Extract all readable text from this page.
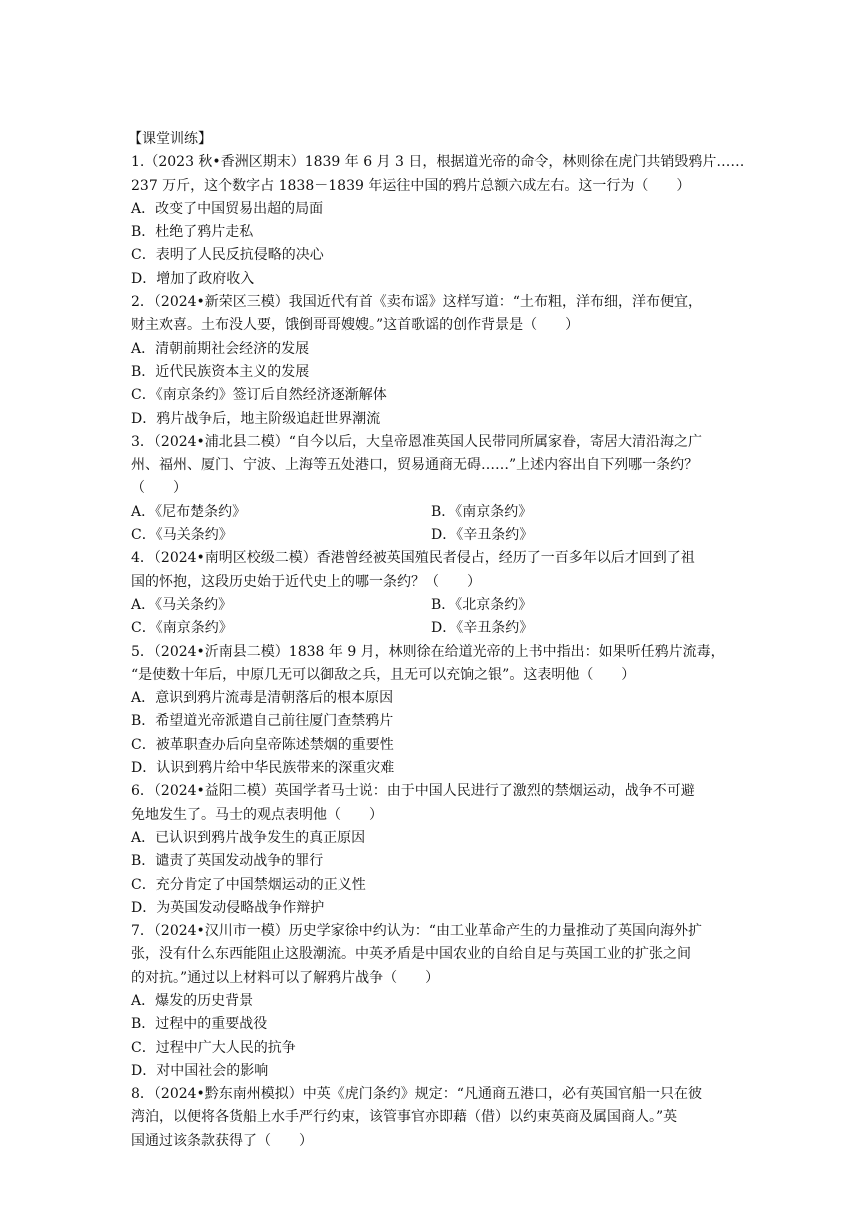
【课堂训练】
1.（2023 秋•香洲区期末）1839 年 6 月 3 日，根据道光帝的命令，林则徐在虎门共销毁鸦片……
237 万斤，这个数字占 1838－1839 年运往中国的鸦片总额六成左右。这一行为（　　）
A．改变了中国贸易出超的局面
B．杜绝了鸦片走私
C．表明了人民反抗侵略的决心
D．增加了政府收入
2．（2024•新荣区三模）我国近代有首《卖布谣》这样写道：“土布粗，洋布细，洋布便宜，
财主欢喜。土布没人要，饿倒哥哥嫂嫂。”这首歌谣的创作背景是（　　）
A．清朝前期社会经济的发展
B．近代民族资本主义的发展
C．《南京条约》签订后自然经济逐渐解体
D．鸦片战争后，地主阶级追赶世界潮流
3．（2024•浦北县二模）“自今以后，大皇帝恩准英国人民带同所属家眷，寄居大清沿海之广
州、福州、厦门、宁波、上海等五处港口，贸易通商无碍……”上述内容出自下列哪一条约？
（　　）
A．《尼布楚条约》	B．《南京条约》
C．《马关条约》	D．《辛丑条约》
4．（2024•南明区校级二模）香港曾经被英国殖民者侵占，经历了一百多年以后才回到了祖
国的怀抱，这段历史始于近代史上的哪一条约？（　　）
A．《马关条约》	B．《北京条约》
C．《南京条约》	D．《辛丑条约》
5．（2024•沂南县二模）1838 年 9 月，林则徐在给道光帝的上书中指出：如果听任鸦片流毒，
“是使数十年后，中原几无可以御敌之兵，且无可以充饷之银”。这表明他（　　）
A．意识到鸦片流毒是清朝落后的根本原因
B．希望道光帝派遣自己前往厦门查禁鸦片
C．被革职查办后向皇帝陈述禁烟的重要性
D．认识到鸦片给中华民族带来的深重灾难
6．（2024•益阳二模）英国学者马士说：由于中国人民进行了激烈的禁烟运动，战争不可避
免地发生了。马士的观点表明他（　　）
A．已认识到鸦片战争发生的真正原因
B．谴责了英国发动战争的罪行
C．充分肯定了中国禁烟运动的正义性
D．为英国发动侵略战争作辩护
7．（2024•汉川市一模）历史学家徐中约认为：“由工业革命产生的力量推动了英国向海外扩
张，没有什么东西能阻止这股潮流。中英矛盾是中国农业的自给自足与英国工业的扩张之间
的对抗。”通过以上材料可以了解鸦片战争（　　）
A．爆发的历史背景
B．过程中的重要战役
C．过程中广大人民的抗争
D．对中国社会的影响
8．（2024•黔东南州模拟）中英《虎门条约》规定：“凡通商五港口，必有英国官船一只在彼
湾泊，以便将各货船上水手严行约束，该管事官亦即藉（借）以约束英商及属国商人。”英
国通过该条款获得了（　　）
